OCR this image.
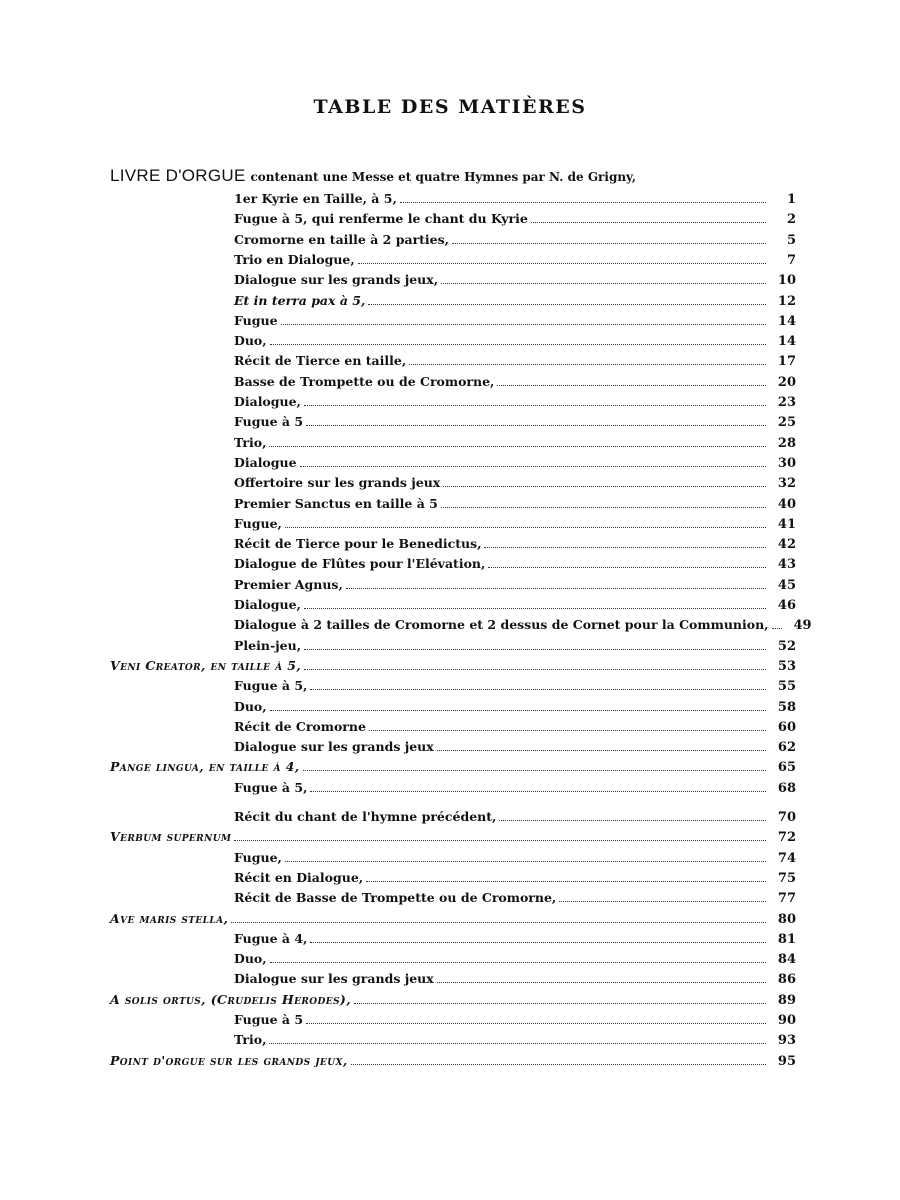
TABLE DES MATIÈRES
LIVRE D'ORGUE contenant une Messe et quatre Hymnes par N. de Grigny,
1er Kyrie en Taille, à 5,	1
Fugue à 5, qui renferme le chant du Kyrie	2
Cromorne en taille à 2 parties,	5
Trio en Dialogue,	7
Dialogue sur les grands jeux,	10
Et in terra pax à 5,	12
Fugue	14
Duo,	14
Récit de Tierce en taille,	17
Basse de Trompette ou de Cromorne,	20
Dialogue,	23
Fugue à 5	25
Trio,	28
Dialogue	30
Offertoire sur les grands jeux	32
Premier Sanctus en taille à 5	40
Fugue,	41
Récit de Tierce pour le Benedictus,	42
Dialogue de Flûtes pour l'Elévation,	43
Premier Agnus,	45
Dialogue,	46
Dialogue à 2 tailles de Cromorne et 2 dessus de Cornet pour la Communion,	49
Plein-jeu,	52
Veni Creator, en taille à 5,	53
Fugue à 5,	55
Duo,	58
Récit de Cromorne	60
Dialogue sur les grands jeux	62
Pange lingua, en taille à 4,	65
Fugue à 5,	68
Récit du chant de l'hymne précédent,	70
Verbum supernum	72
Fugue,	74
Récit en Dialogue,	75
Récit de Basse de Trompette ou de Cromorne,	77
Ave maris stella,	80
Fugue à 4,	81
Duo,	84
Dialogue sur les grands jeux	86
A solis ortus, (Crudelis Herodes),	89
Fugue à 5	90
Trio,	93
Point d'orgue sur les grands jeux,	95
